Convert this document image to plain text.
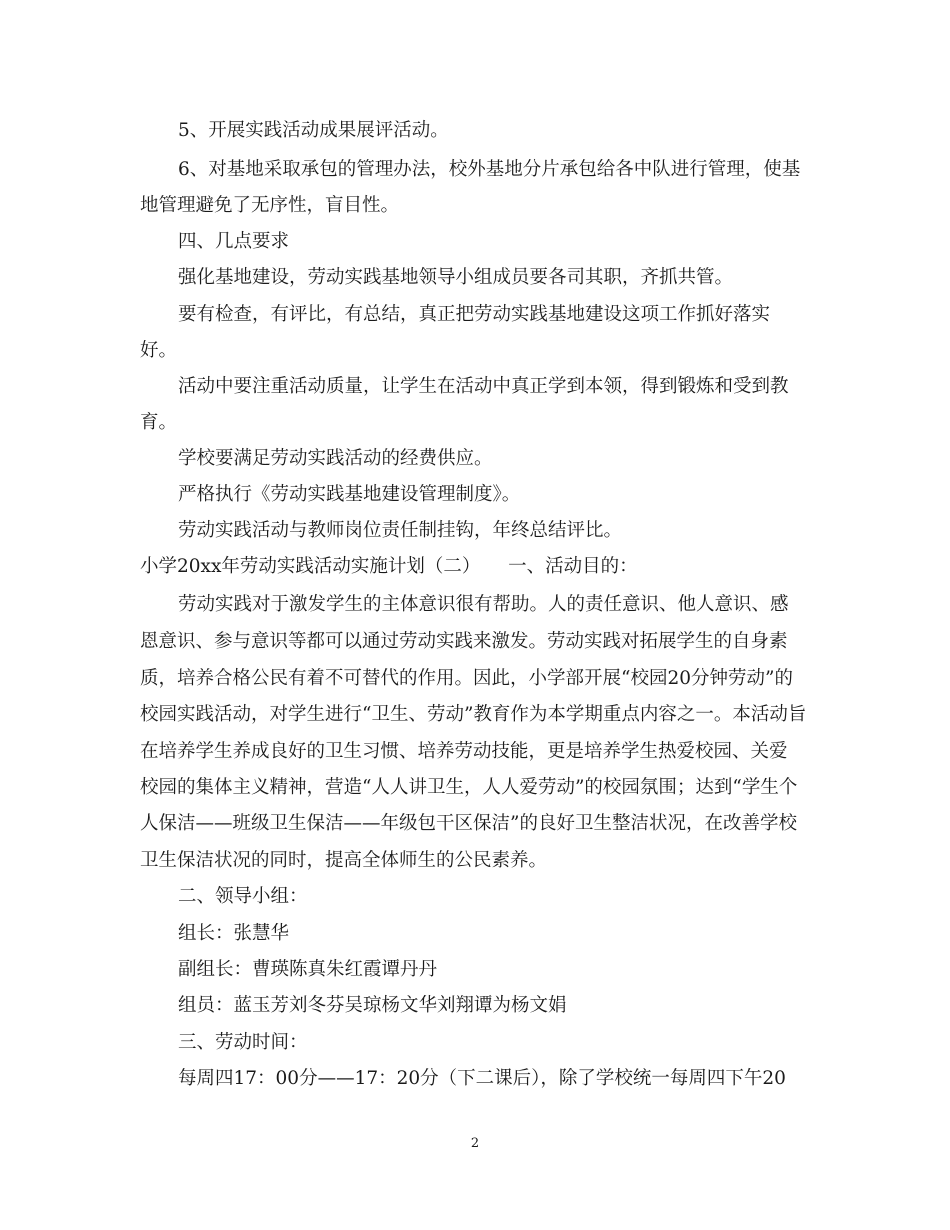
5、开展实践活动成果展评活动。
6、对基地采取承包的管理办法，校外基地分片承包给各中队进行管理，使基
地管理避免了无序性，盲目性。
四、几点要求
强化基地建设，劳动实践基地领导小组成员要各司其职，齐抓共管。
要有检查，有评比，有总结，真正把劳动实践基地建设这项工作抓好落实
好。
活动中要注重活动质量，让学生在活动中真正学到本领，得到锻炼和受到教
育。
学校要满足劳动实践活动的经费供应。
严格执行《劳动实践基地建设管理制度》。
劳动实践活动与教师岗位责任制挂钩，年终总结评比。
小学20xx年劳动实践活动实施计划（二）　　一、活动目的：
劳动实践对于激发学生的主体意识很有帮助。人的责任意识、他人意识、感
恩意识、参与意识等都可以通过劳动实践来激发。劳动实践对拓展学生的自身素
质，培养合格公民有着不可替代的作用。因此，小学部开展“校园20分钟劳动”的
校园实践活动，对学生进行“卫生、劳动”教育作为本学期重点内容之一。本活动旨
在培养学生养成良好的卫生习惯、培养劳动技能，更是培养学生热爱校园、关爱
校园的集体主义精神，营造“人人讲卫生，人人爱劳动”的校园氛围；达到“学生个
人保洁——班级卫生保洁——年级包干区保洁”的良好卫生整洁状况，在改善学校
卫生保洁状况的同时，提高全体师生的公民素养。
二、领导小组：
组长：张慧华
副组长：曹瑛陈真朱红霞谭丹丹
组员：蓝玉芳刘冬芬吴琼杨文华刘翔谭为杨文娟
三、劳动时间：
每周四17：00分——17：20分（下二课后），除了学校统一每周四下午20
2
